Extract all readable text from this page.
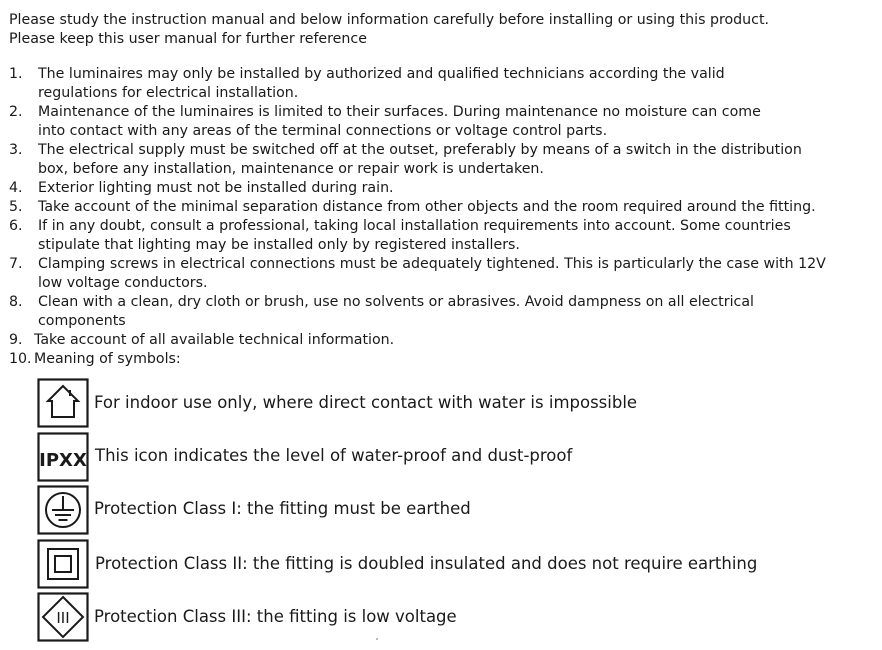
Please study the instruction manual and below information carefully before installing or using this product.
Please keep this user manual for further reference
1.	The luminaires may only be installed by authorized and qualified technicians according the valid
regulations for electrical installation.
2.	Maintenance of the luminaires is limited to their surfaces. During maintenance no moisture can come
into contact with any areas of the terminal connections or voltage control parts.
3.	The electrical supply must be switched off at the outset, preferably by means of a switch in the distribution
box, before any installation, maintenance or repair work is undertaken.
4.	Exterior lighting must not be installed during rain.
5.	Take account of the minimal separation distance from other objects and the room required around the fitting.
6.	If in any doubt, consult a professional, taking local installation requirements into account. Some countries
stipulate that lighting may be installed only by registered installers.
7.	Clamping screws in electrical connections must be adequately tightened. This is particularly the case with 12V
low voltage conductors.
8.	Clean with a clean, dry cloth or brush, use no solvents or abrasives. Avoid dampness on all electrical
components
9. Take account of all available technical information.
10. Meaning of symbols:
For indoor use only, where direct contact with water is impossible
IPXX This icon indicates the level of water-proof and dust-proof
Protection Class I: the fitting must be earthed
Protection Class II: the fitting is doubled insulated and does not require earthing
III Protection Class III: the fitting is low voltage
